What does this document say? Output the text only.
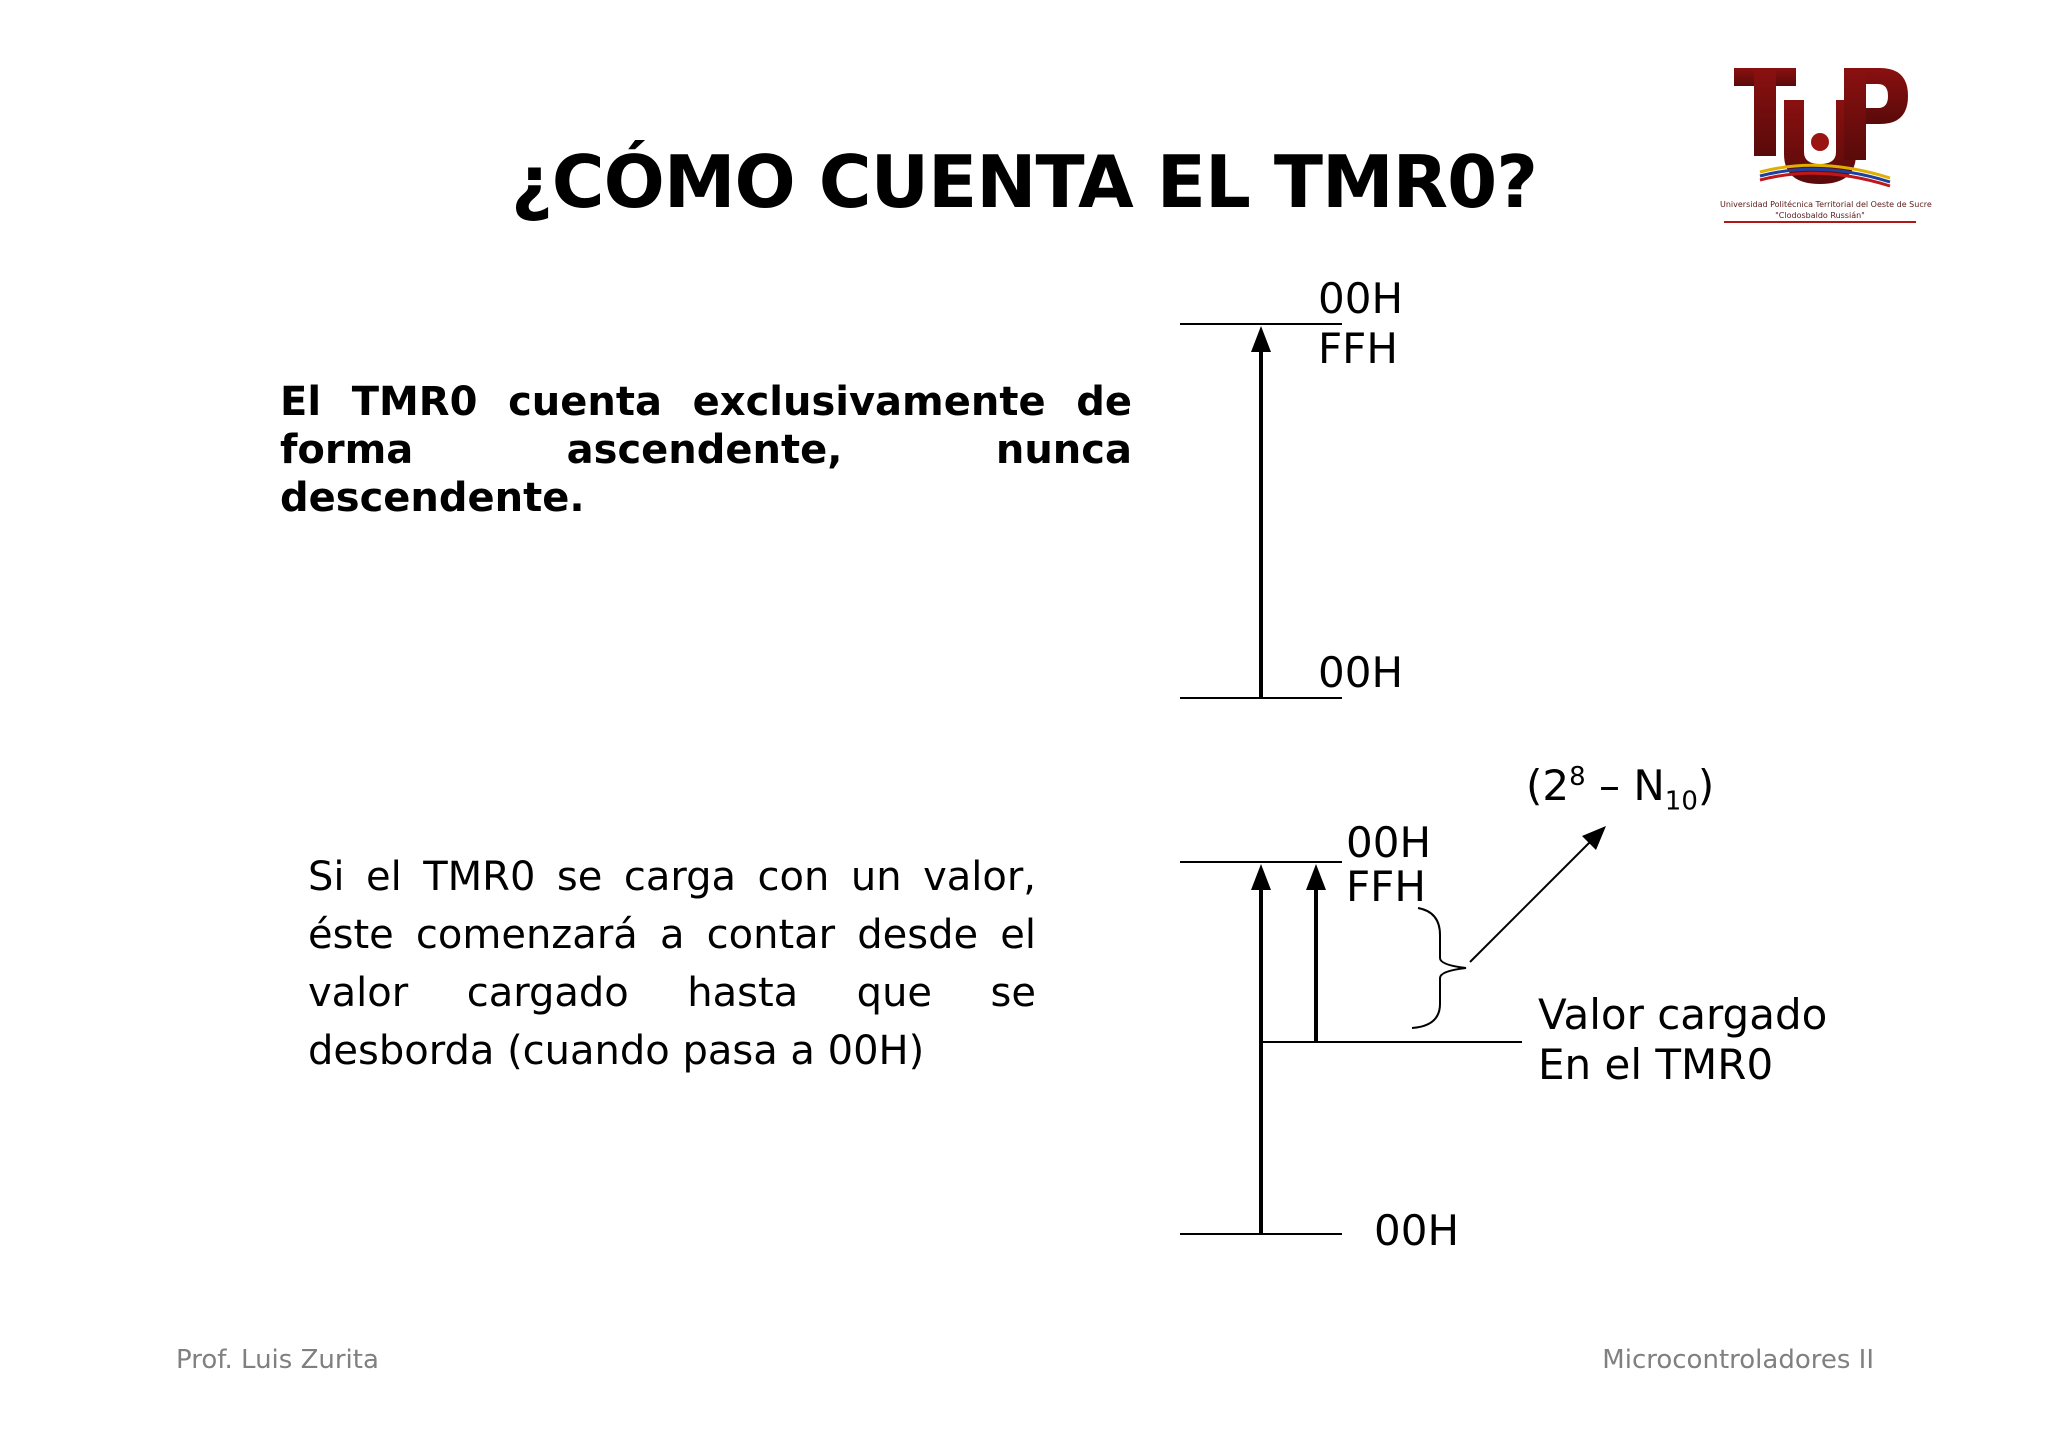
¿CÓMO CUENTA EL TMR0?	Universidad Politécnica Territorial del Oeste de Sucre
"Clodosbaldo Russián"
El TMR0 cuenta exclusivamente de forma ascendente, nunca descendente.
Si el TMR0 se carga con un valor, éste comenzará a contar desde el valor cargado hasta que se desborda (cuando pasa a 00H)
00H
FFH
00H
$(2^8 - N_{10})$
00H
FFH
Valor cargado
En el TMR0
00H
Prof. Luis Zurita	Microcontroladores II
